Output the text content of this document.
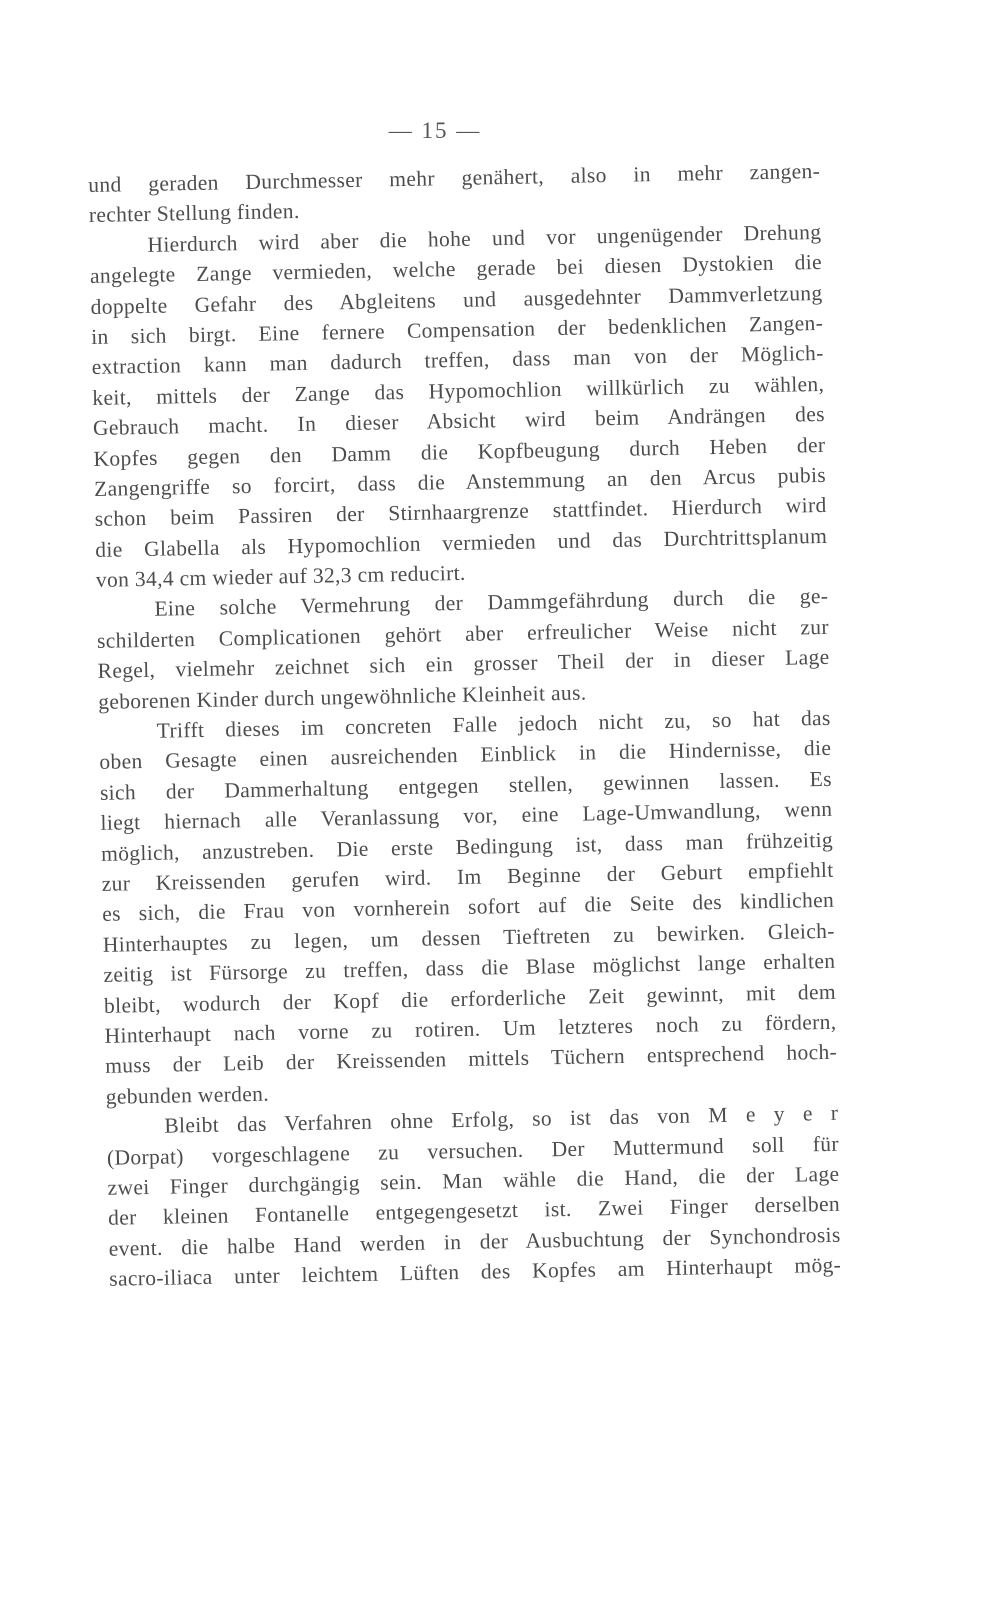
— 15 —
und geraden Durchmesser mehr genähert, also in mehr zangen-
rechter Stellung finden.
Hierdurch wird aber die hohe und vor ungenügender Drehung
angelegte Zange vermieden, welche gerade bei diesen Dystokien die
doppelte Gefahr des Abgleitens und ausgedehnter Dammverletzung
in sich birgt. Eine fernere Compensation der bedenklichen Zangen-
extraction kann man dadurch treffen, dass man von der Möglich-
keit, mittels der Zange das Hypomochlion willkürlich zu wählen,
Gebrauch macht. In dieser Absicht wird beim Andrängen des
Kopfes gegen den Damm die Kopfbeugung durch Heben der
Zangengriffe so forcirt, dass die Anstemmung an den Arcus pubis
schon beim Passiren der Stirnhaargrenze stattfindet. Hierdurch wird
die Glabella als Hypomochlion vermieden und das Durchtrittsplanum
von 34,4 cm wieder auf 32,3 cm reducirt.
Eine solche Vermehrung der Dammgefährdung durch die ge-
schilderten Complicationen gehört aber erfreulicher Weise nicht zur
Regel, vielmehr zeichnet sich ein grosser Theil der in dieser Lage
geborenen Kinder durch ungewöhnliche Kleinheit aus.
Trifft dieses im concreten Falle jedoch nicht zu, so hat das
oben Gesagte einen ausreichenden Einblick in die Hindernisse, die
sich der Dammerhaltung entgegen stellen, gewinnen lassen. Es
liegt hiernach alle Veranlassung vor, eine Lage-Umwandlung, wenn
möglich, anzustreben. Die erste Bedingung ist, dass man frühzeitig
zur Kreissenden gerufen wird. Im Beginne der Geburt empfiehlt
es sich, die Frau von vornherein sofort auf die Seite des kindlichen
Hinterhauptes zu legen, um dessen Tieftreten zu bewirken. Gleich-
zeitig ist Fürsorge zu treffen, dass die Blase möglichst lange erhalten
bleibt, wodurch der Kopf die erforderliche Zeit gewinnt, mit dem
Hinterhaupt nach vorne zu rotiren. Um letzteres noch zu fördern,
muss der Leib der Kreissenden mittels Tüchern entsprechend hoch-
gebunden werden.
Bleibt das Verfahren ohne Erfolg, so ist das von M e y e r
(Dorpat) vorgeschlagene zu versuchen. Der Muttermund soll für
zwei Finger durchgängig sein. Man wähle die Hand, die der Lage
der kleinen Fontanelle entgegengesetzt ist. Zwei Finger derselben
event. die halbe Hand werden in der Ausbuchtung der Synchondrosis
sacro-iliaca unter leichtem Lüften des Kopfes am Hinterhaupt mög-
